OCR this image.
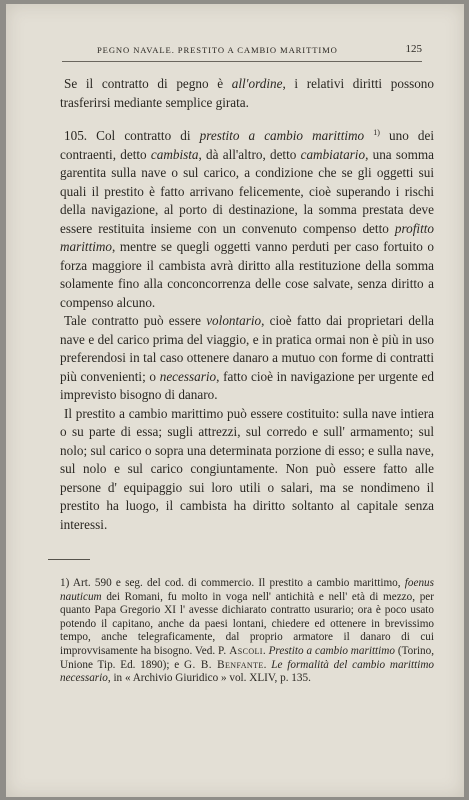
PEGNO NAVALE. PRESTITO A CAMBIO MARITTIMO	125

Se il contratto di pegno è all'ordine, i relativi diritti possono trasferirsi mediante semplice girata.

105. Col contratto di prestito a cambio marittimo $^{1)}$ uno dei contraenti, detto cambista, dà all'altro, detto cambiatario, una somma garentita sulla nave o sul carico, a condizione che se gli oggetti sui quali il prestito è fatto arrivano felicemente, cioè superando i rischi della navigazione, al porto di destinazione, la somma prestata deve essere restituita insieme con un convenuto compenso detto profitto marittimo, mentre se quegli oggetti vanno perduti per caso fortuito o forza maggiore il cambista avrà diritto alla restituzione della somma solamente fino alla conconcorrenza delle cose salvate, senza diritto a compenso alcuno.

Tale contratto può essere volontario, cioè fatto dai proprietari della nave e del carico prima del viaggio, e in pratica ormai non è più in uso preferendosi in tal caso ottenere danaro a mutuo con forme di contratti più convenienti; o necessario, fatto cioè in navigazione per urgente ed imprevisto bisogno di danaro.

Il prestito a cambio marittimo può essere costituito: sulla nave intiera o su parte di essa; sugli attrezzi, sul corredo e sull' armamento; sul nolo; sul carico o sopra una determinata porzione di esso; e sulla nave, sul nolo e sul carico congiuntamente. Non può essere fatto alle persone d' equipaggio sui loro utili o salari, ma se nondimeno il prestito ha luogo, il cambista ha diritto soltanto al capitale senza interessi.

1) Art. 590 e seg. del cod. di commercio. Il prestito a cambio marittimo, foenus nauticum dei Romani, fu molto in voga nell' antichità e nell' età di mezzo, per quanto Papa Gregorio XI l' avesse dichiarato contratto usurario; ora è poco usato potendo il capitano, anche da paesi lontani, chiedere ed ottenere in brevissimo tempo, anche telegraficamente, dal proprio armatore il danaro di cui improvvisamente ha bisogno. Ved. P. Ascoli. Prestito a cambio marittimo (Torino, Unione Tip. Ed. 1890); e G. B. Benfante. Le formalità del cambio marittimo necessario, in « Archivio Giuridico » vol. XLIV, p. 135.
